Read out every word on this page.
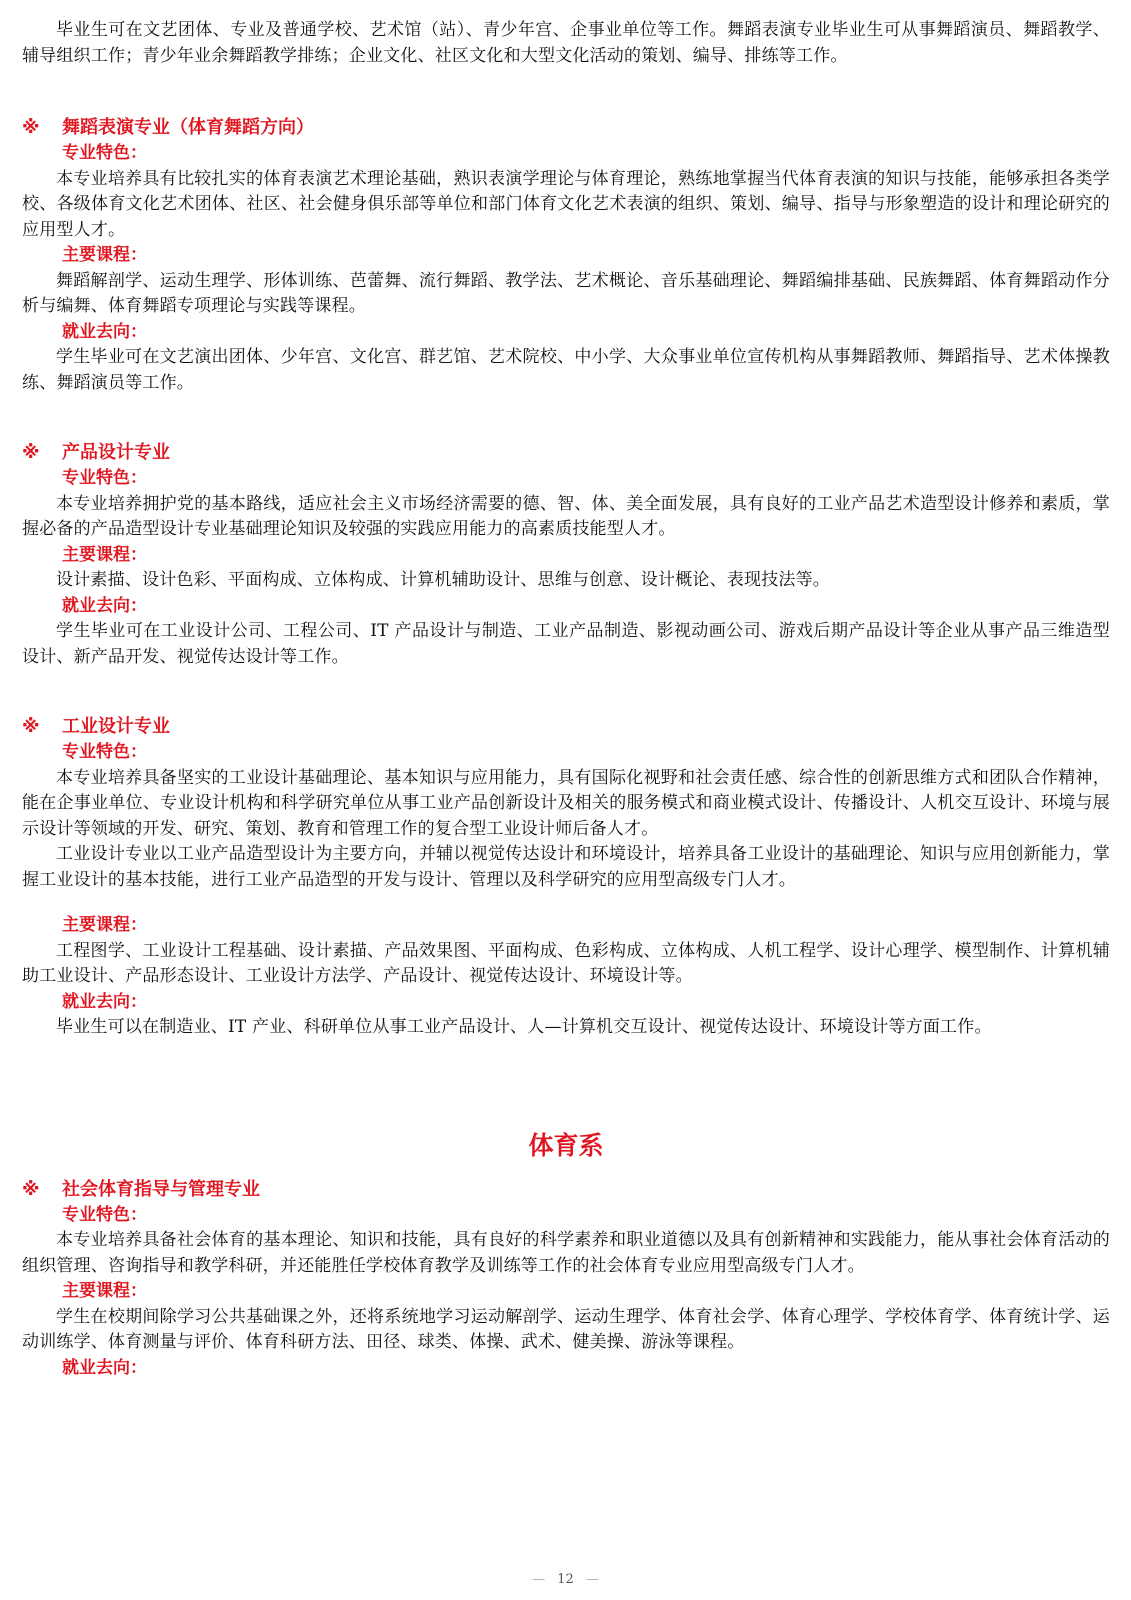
毕业生可在文艺团体、专业及普通学校、艺术馆（站）、青少年宫、企事业单位等工作。舞蹈表演专业毕业生可从事舞蹈演员、舞蹈教学、辅导组织工作；青少年业余舞蹈教学排练；企业文化、社区文化和大型文化活动的策划、编导、排练等工作。

※ 舞蹈表演专业（体育舞蹈方向）

专业特色：

本专业培养具有比较扎实的体育表演艺术理论基础，熟识表演学理论与体育理论，熟练地掌握当代体育表演的知识与技能，能够承担各类学校、各级体育文化艺术团体、社区、社会健身俱乐部等单位和部门体育文化艺术表演的组织、策划、编导、指导与形象塑造的设计和理论研究的应用型人才。

主要课程：

舞蹈解剖学、运动生理学、形体训练、芭蕾舞、流行舞蹈、教学法、艺术概论、音乐基础理论、舞蹈编排基础、民族舞蹈、体育舞蹈动作分析与编舞、体育舞蹈专项理论与实践等课程。

就业去向：

学生毕业可在文艺演出团体、少年宫、文化宫、群艺馆、艺术院校、中小学、大众事业单位宣传机构从事舞蹈教师、舞蹈指导、艺术体操教练、舞蹈演员等工作。

※ 产品设计专业

专业特色：

本专业培养拥护党的基本路线，适应社会主义市场经济需要的德、智、体、美全面发展，具有良好的工业产品艺术造型设计修养和素质，掌握必备的产品造型设计专业基础理论知识及较强的实践应用能力的高素质技能型人才。

主要课程：

设计素描、设计色彩、平面构成、立体构成、计算机辅助设计、思维与创意、设计概论、表现技法等。

就业去向：

学生毕业可在工业设计公司、工程公司、IT 产品设计与制造、工业产品制造、影视动画公司、游戏后期产品设计等企业从事产品三维造型设计、新产品开发、视觉传达设计等工作。

※ 工业设计专业

专业特色：

本专业培养具备坚实的工业设计基础理论、基本知识与应用能力，具有国际化视野和社会责任感、综合性的创新思维方式和团队合作精神，能在企事业单位、专业设计机构和科学研究单位从事工业产品创新设计及相关的服务模式和商业模式设计、传播设计、人机交互设计、环境与展示设计等领域的开发、研究、策划、教育和管理工作的复合型工业设计师后备人才。

工业设计专业以工业产品造型设计为主要方向，并辅以视觉传达设计和环境设计，培养具备工业设计的基础理论、知识与应用创新能力，掌握工业设计的基本技能，进行工业产品造型的开发与设计、管理以及科学研究的应用型高级专门人才。

主要课程：

工程图学、工业设计工程基础、设计素描、产品效果图、平面构成、色彩构成、立体构成、人机工程学、设计心理学、模型制作、计算机辅助工业设计、产品形态设计、工业设计方法学、产品设计、视觉传达设计、环境设计等。

就业去向：

毕业生可以在制造业、IT 产业、科研单位从事工业产品设计、人—计算机交互设计、视觉传达设计、环境设计等方面工作。

体育系

※ 社会体育指导与管理专业

专业特色：

本专业培养具备社会体育的基本理论、知识和技能，具有良好的科学素养和职业道德以及具有创新精神和实践能力，能从事社会体育活动的组织管理、咨询指导和教学科研，并还能胜任学校体育教学及训练等工作的社会体育专业应用型高级专门人才。

主要课程：

学生在校期间除学习公共基础课之外，还将系统地学习运动解剖学、运动生理学、体育社会学、体育心理学、学校体育学、体育统计学、运动训练学、体育测量与评价、体育科研方法、田径、球类、体操、武术、健美操、游泳等课程。

就业去向：

— 12 —
